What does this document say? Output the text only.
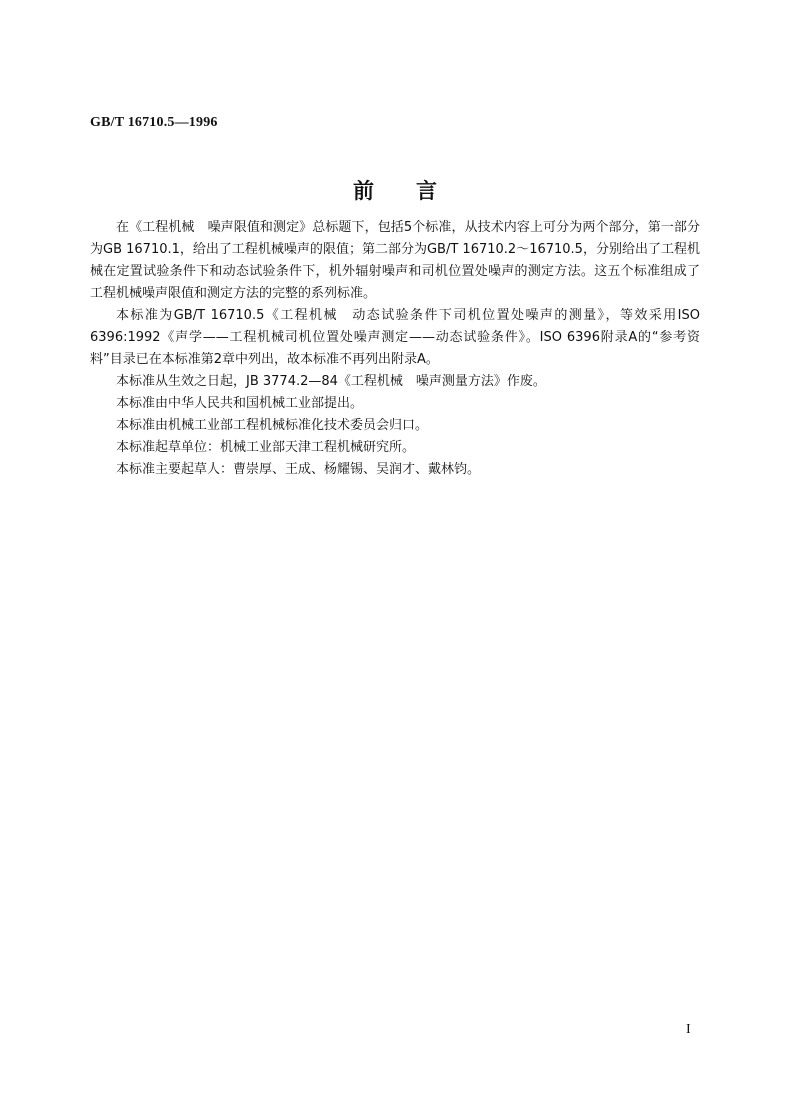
GB/T 16710.5—1996
前 言

在《工程机械　噪声限值和测定》总标题下，包括5个标准，从技术内容上可分为两个部分，第一部分为GB 16710.1，给出了工程机械噪声的限值；第二部分为GB/T 16710.2～16710.5，分别给出了工程机械在定置试验条件下和动态试验条件下，机外辐射噪声和司机位置处噪声的测定方法。这五个标准组成了工程机械噪声限值和测定方法的完整的系列标准。

本标准为GB/T 16710.5《工程机械　动态试验条件下司机位置处噪声的测量》，等效采用ISO 6396:1992《声学——工程机械司机位置处噪声测定——动态试验条件》。ISO 6396附录A的“参考资料”目录已在本标准第2章中列出，故本标准不再列出附录A。

本标准从生效之日起，JB 3774.2—84《工程机械　噪声测量方法》作废。

本标准由中华人民共和国机械工业部提出。

本标准由机械工业部工程机械标准化技术委员会归口。

本标准起草单位：机械工业部天津工程机械研究所。

本标准主要起草人：曹崇厚、王成、杨耀锡、吴润才、戴林钧。

I
